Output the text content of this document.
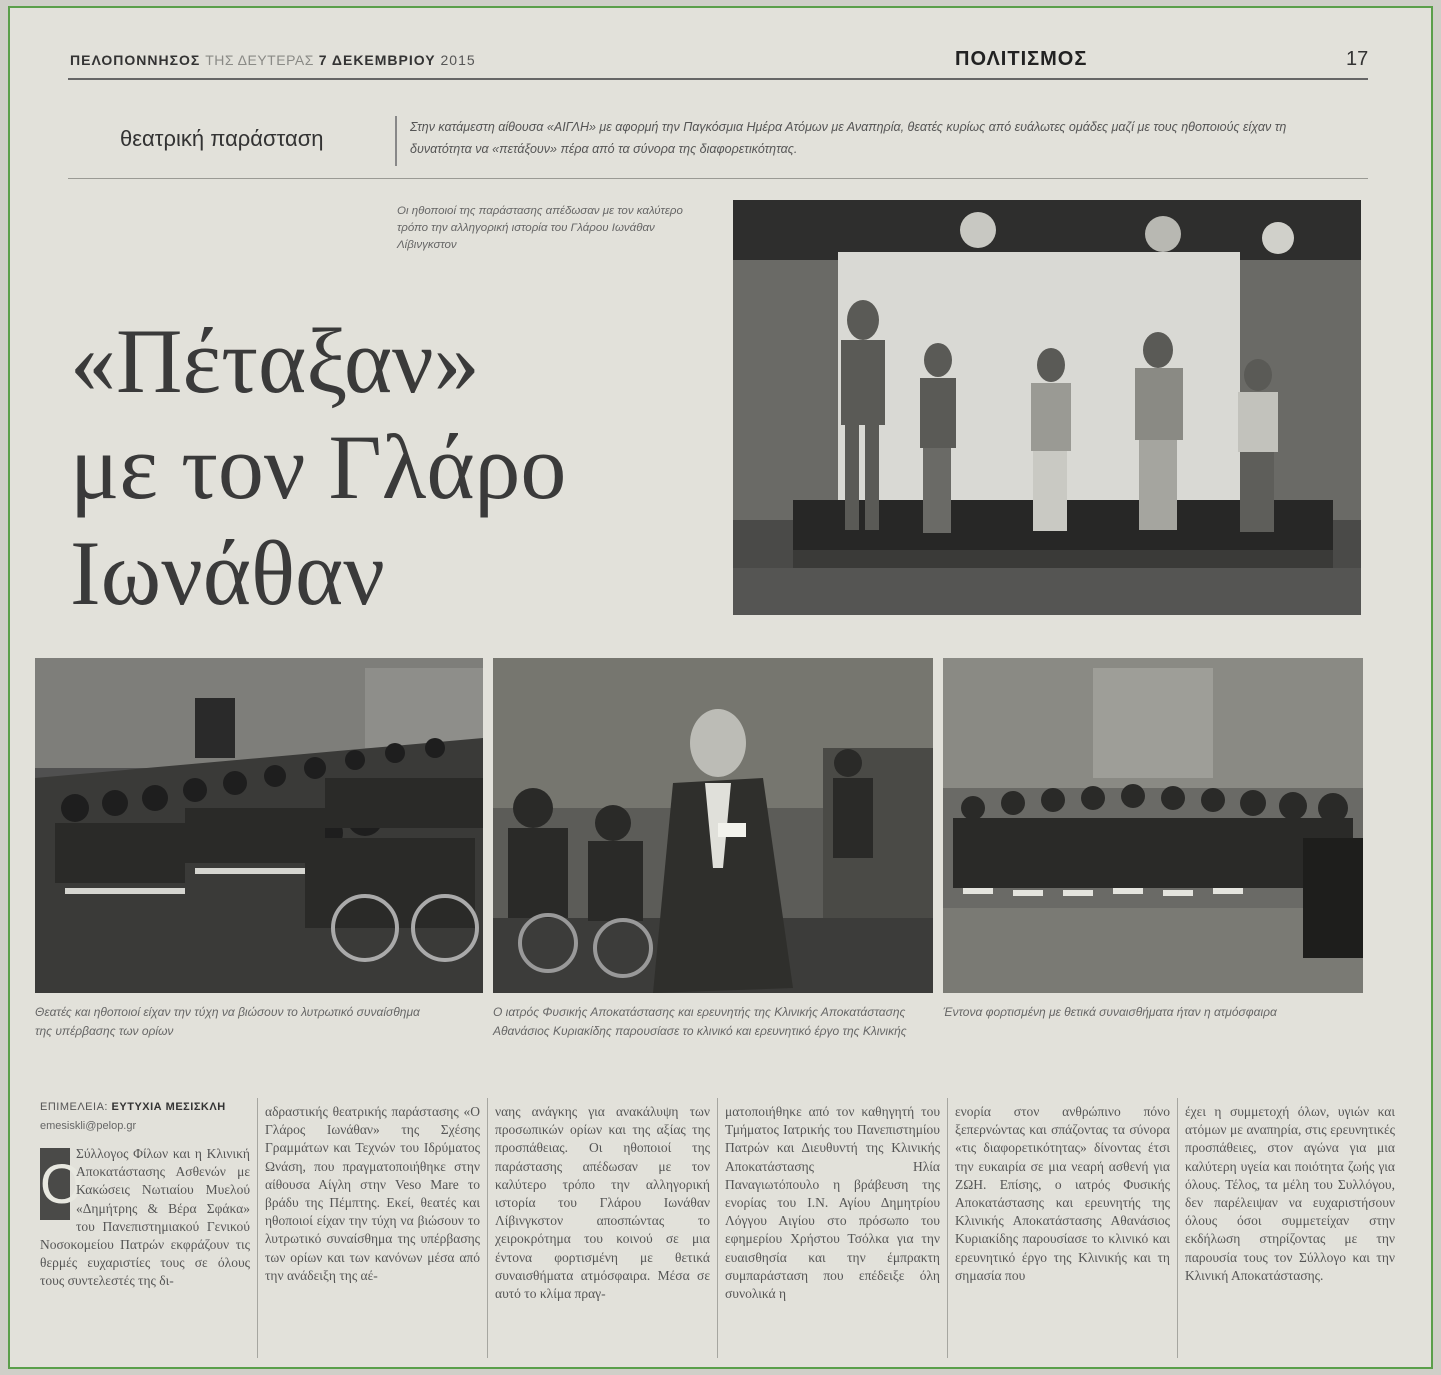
ΠΕΛΟΠΟΝΝΗΣΟΣ ΤΗΣ ΔΕΥΤΕΡΑΣ 7 ΔΕΚΕΜΒΡΙΟΥ 2015	ΠΟΛΙΤΙΣΜΟΣ	17
θεατρική παράσταση	Στην κατάμεστη αίθουσα «ΑΙΓΛΗ» με αφορμή την Παγκόσμια Ημέρα Ατόμων με Αναπηρία, θεατές κυρίως από ευάλωτες ομάδες μαζί με τους ηθοποιούς είχαν τη δυνατότητα να «πετάξουν» πέρα από τα σύνορα της διαφορετικότητας.
Οι ηθοποιοί της παράστασης απέδωσαν με τον καλύτερο τρόπο την αλληγορική ιστορία του Γλάρου Ιωνάθαν Λίβινγκστον
«Πέταξαν»
με τον Γλάρο
Ιωνάθαν
Θεατές και ηθοποιοί είχαν την τύχη να βιώσουν το λυτρωτικό συναίσθημα της υπέρβασης των ορίων
Ο ιατρός Φυσικής Αποκατάστασης και ερευνητής της Κλινικής Αποκατάστασης Αθανάσιος Κυριακίδης παρουσίασε το κλινικό και ερευνητικό έργο της Κλινικής
Έντονα φορτισμένη με θετικά συναισθήματα ήταν η ατμόσφαιρα
ΕΠΙΜΕΛΕΙΑ: ΕΥΤΥΧΙΑ ΜΕΣΙΣΚΛΗ
emesiskli@pelop.gr
Ο
Σύλλογος Φίλων και η Κλινική Αποκατάστασης Ασθενών με Κακώσεις Νωτιαίου Μυελού «Δημήτρης & Βέρα Σφάκα» του Πανεπιστημιακού Γενικού Νοσοκομείου Πατρών εκφράζουν τις θερμές ευχαριστίες τους σε όλους τους συντελεστές της δι-
αδραστικής θεατρικής παράστασης «Ο Γλάρος Ιωνάθαν» της Σχέσης Γραμμάτων και Τεχνών του Ιδρύματος Ωνάση, που πραγματοποιήθηκε στην αίθουσα Αίγλη στην Veso Mare το βράδυ της Πέμπτης. Εκεί, θεατές και ηθοποιοί είχαν την τύχη να βιώσουν το λυτρωτικό συναίσθημα της υπέρβασης των ορίων και των κανόνων μέσα από την ανάδειξη της αέ-
ναης ανάγκης για ανακάλυψη των προσωπικών ορίων και της αξίας της προσπάθειας. Οι ηθοποιοί της παράστασης απέδωσαν με τον καλύτερο τρόπο την αλληγορική ιστορία του Γλάρου Ιωνάθαν Λίβινγκστον αποσπώντας το χειροκρότημα του κοινού σε μια έντονα φορτισμένη με θετικά συναισθήματα ατμόσφαιρα. Μέσα σε αυτό το κλίμα πραγ-
ματοποιήθηκε από τον καθηγητή του Τμήματος Ιατρικής του Πανεπιστημίου Πατρών και Διευθυντή της Κλινικής Αποκατάστασης Ηλία Παναγιωτόπουλο η βράβευση της ενορίας του Ι.Ν. Αγίου Δημητρίου Λόγγου Αιγίου στο πρόσωπο του εφημερίου Χρήστου Τσόλκα για την ευαισθησία και την έμπρακτη συμπαράσταση που επέδειξε όλη συνολικά η
ενορία στον ανθρώπινο πόνο ξεπερνώντας και σπάζοντας τα σύνορα «τις διαφορετικότητας» δίνοντας έτσι την ευκαιρία σε μια νεαρή ασθενή για ΖΩΗ. Επίσης, ο ιατρός Φυσικής Αποκατάστασης και ερευνητής της Κλινικής Αποκατάστασης Αθανάσιος Κυριακίδης παρουσίασε το κλινικό και ερευνητικό έργο της Κλινικής και τη σημασία που
έχει η συμμετοχή όλων, υγιών και ατόμων με αναπηρία, στις ερευνητικές προσπάθειες, στον αγώνα για μια καλύτερη υγεία και ποιότητα ζωής για όλους. Τέλος, τα μέλη του Συλλόγου, δεν παρέλειψαν να ευχαριστήσουν όλους όσοι συμμετείχαν στην εκδήλωση στηρίζοντας με την παρουσία τους τον Σύλλογο και την Κλινική Αποκατάστασης.
